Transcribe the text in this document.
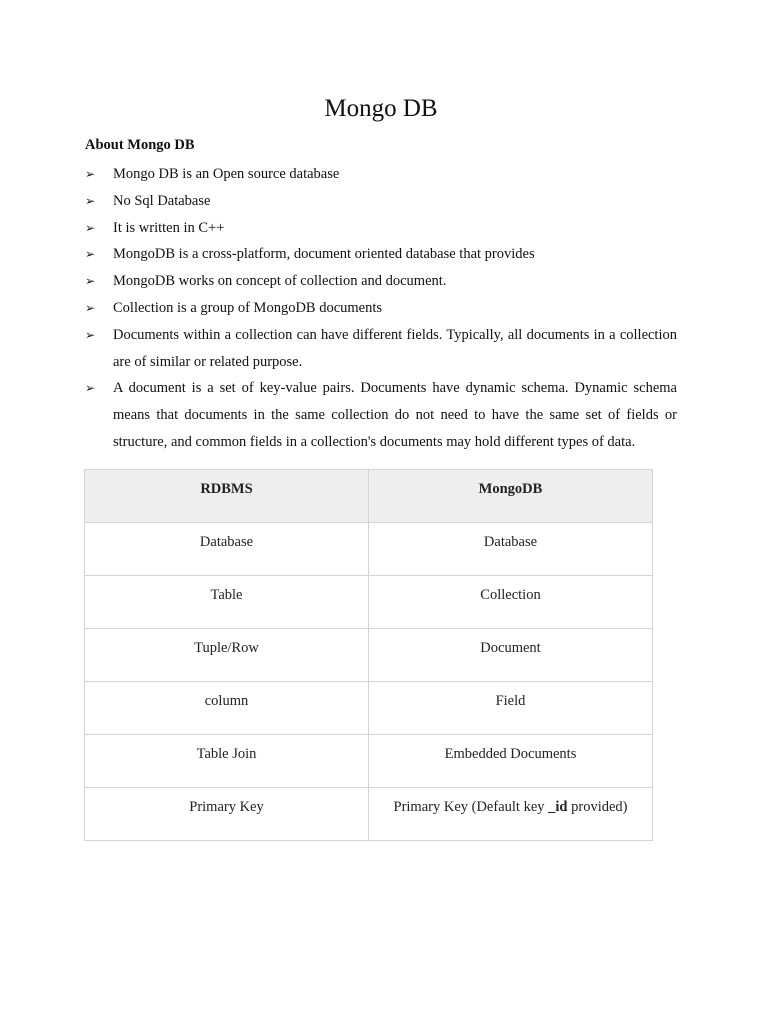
Mongo DB

About Mongo DB

➢ Mongo DB is an Open source database
➢ No Sql Database
➢ It is written in C++
➢ MongoDB is a cross-platform, document oriented database that provides
➢ MongoDB works on concept of collection and document.
➢ Collection is a group of MongoDB documents
➢ Documents within a collection can have different fields. Typically, all documents in a collection are of similar or related purpose.
➢ A document is a set of key-value pairs. Documents have dynamic schema. Dynamic schema means that documents in the same collection do not need to have the same set of fields or structure, and common fields in a collection's documents may hold different types of data.
RDBMS	MongoDB
Database	Database
Table	Collection
Tuple/Row	Document
column	Field
Table Join	Embedded Documents
Primary Key	Primary Key (Default key _id provided)
